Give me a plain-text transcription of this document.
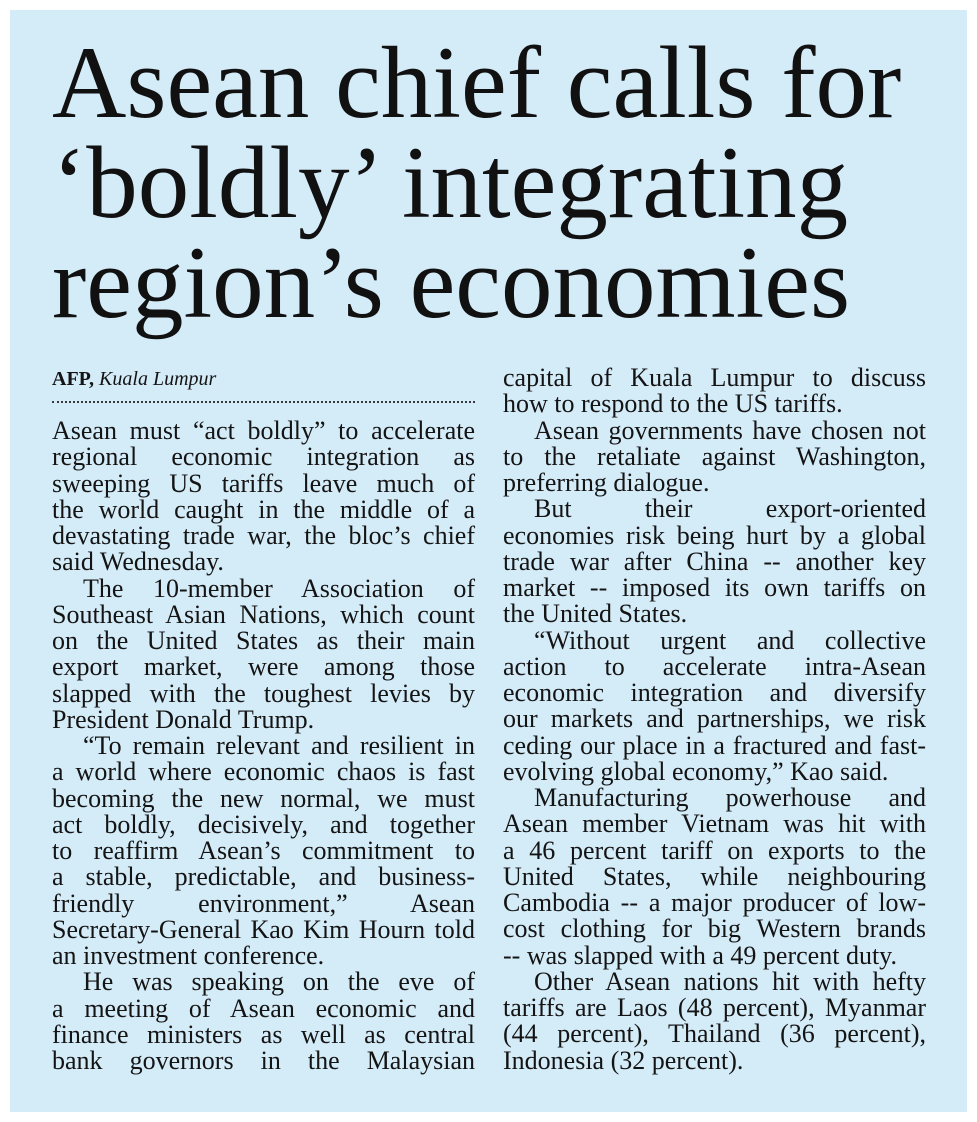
Asean chief calls for
‘boldly’ integrating
region’s economies
AFP, Kuala Lumpur
Asean must “act boldly” to accelerate
regional economic integration as
sweeping US tariffs leave much of
the world caught in the middle of a
devastating trade war, the bloc’s chief
said Wednesday.
The 10-member Association of
Southeast Asian Nations, which count
on the United States as their main
export market, were among those
slapped with the toughest levies by
President Donald Trump.
“To remain relevant and resilient in
a world where economic chaos is fast
becoming the new normal, we must
act boldly, decisively, and together
to reaffirm Asean’s commitment to
a stable, predictable, and business-
friendly environment,” Asean
Secretary-General Kao Kim Hourn told
an investment conference.
He was speaking on the eve of
a meeting of Asean economic and
finance ministers as well as central
bank governors in the Malaysian
capital of Kuala Lumpur to discuss
how to respond to the US tariffs.
Asean governments have chosen not
to the retaliate against Washington,
preferring dialogue.
But their export-oriented
economies risk being hurt by a global
trade war after China -- another key
market -- imposed its own tariffs on
the United States.
“Without urgent and collective
action to accelerate intra-Asean
economic integration and diversify
our markets and partnerships, we risk
ceding our place in a fractured and fast-
evolving global economy,” Kao said.
Manufacturing powerhouse and
Asean member Vietnam was hit with
a 46 percent tariff on exports to the
United States, while neighbouring
Cambodia -- a major producer of low-
cost clothing for big Western brands
-- was slapped with a 49 percent duty.
Other Asean nations hit with hefty
tariffs are Laos (48 percent), Myanmar
(44 percent), Thailand (36 percent),
Indonesia (32 percent).
